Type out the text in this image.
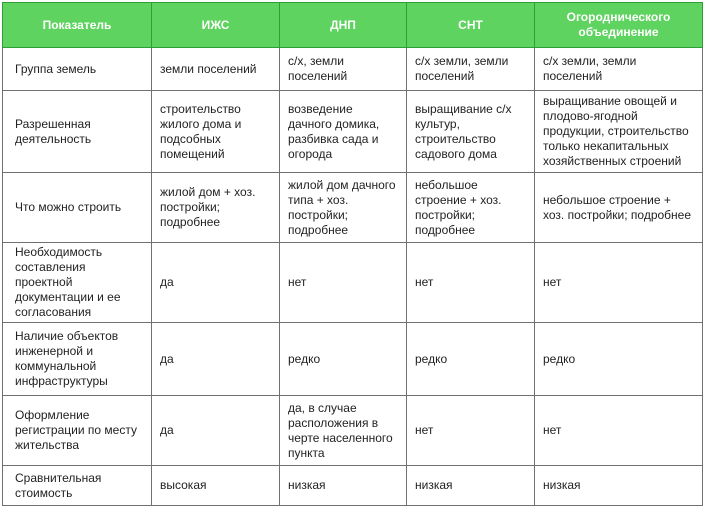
Показатель	ИЖС	ДНП	СНТ	Огороднического объединение
Группа земель	земли поселений	с/х, земли поселений	с/х земли, земли поселений	с/х земли, земли поселений
Разрешенная деятельность	строительство жилого дома и подсобных помещений	возведение дачного домика, разбивка сада и огорода	выращивание с/х культур, строительство садового дома	выращивание овощей и плодово-ягодной продукции, строительство только некапитальных хозяйственных строений
Что можно строить	жилой дом + хоз. постройки; подробнее	жилой дом дачного типа + хоз. постройки; подробнее	небольшое строение + хоз. постройки; подробнее	небольшое строение + хоз. постройки; подробнее
Необходимость составления проектной документации и ее согласования	да	нет	нет	нет
Наличие объектов инженерной и коммунальной инфраструктуры	да	редко	редко	редко
Оформление регистрации по месту жительства	да	да, в случае расположения в черте населенного пункта	нет	нет
Сравнительная стоимость	высокая	низкая	низкая	низкая
